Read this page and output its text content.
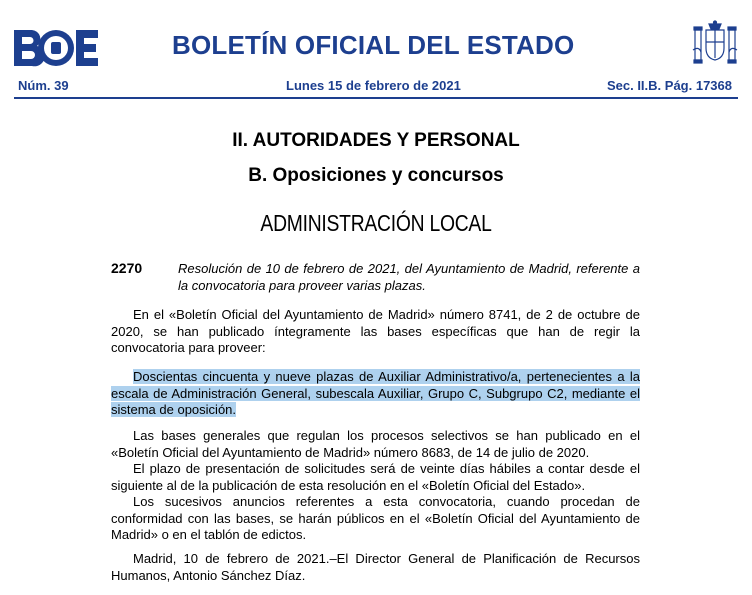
BOLETÍN OFICIAL DEL ESTADO
Núm. 39	Lunes 15 de febrero de 2021	Sec. II.B. Pág. 17368
II. AUTORIDADES Y PERSONAL
B. Oposiciones y concursos
ADMINISTRACIÓN LOCAL
2270	Resolución de 10 de febrero de 2021, del Ayuntamiento de Madrid, referente a la convocatoria para proveer varias plazas.

En el «Boletín Oficial del Ayuntamiento de Madrid» número 8741, de 2 de octubre de 2020, se han publicado íntegramente las bases específicas que han de regir la convocatoria para proveer:

Doscientas cincuenta y nueve plazas de Auxiliar Administrativo/a, pertenecientes a la escala de Administración General, subescala Auxiliar, Grupo C, Subgrupo C2, mediante el sistema de oposición.

Las bases generales que regulan los procesos selectivos se han publicado en el «Boletín Oficial del Ayuntamiento de Madrid» número 8683, de 14 de julio de 2020.

El plazo de presentación de solicitudes será de veinte días hábiles a contar desde el siguiente al de la publicación de esta resolución en el «Boletín Oficial del Estado».

Los sucesivos anuncios referentes a esta convocatoria, cuando procedan de conformidad con las bases, se harán públicos en el «Boletín Oficial del Ayuntamiento de Madrid» o en el tablón de edictos.

Madrid, 10 de febrero de 2021.–El Director General de Planificación de Recursos Humanos, Antonio Sánchez Díaz.
